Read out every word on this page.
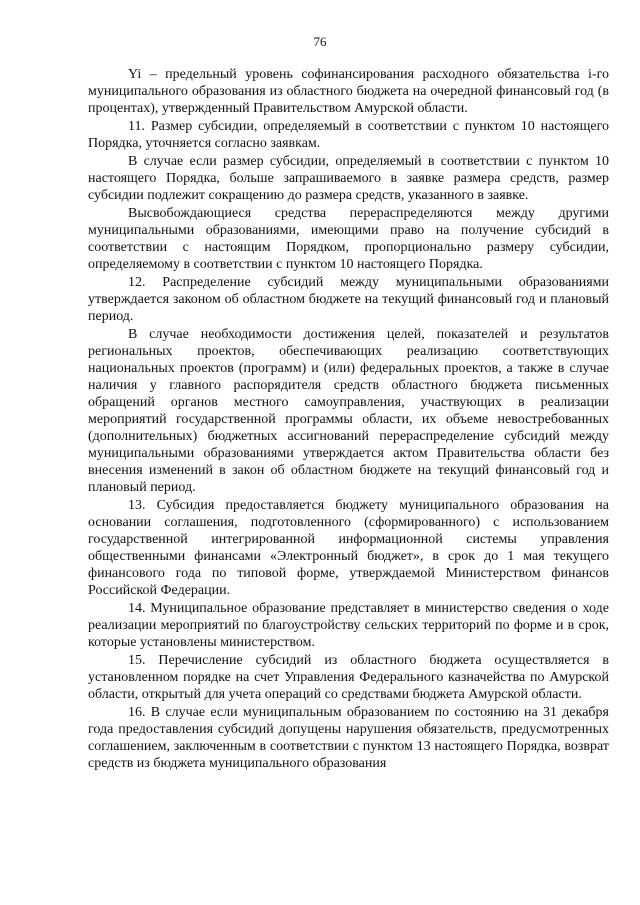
76

Yi – предельный уровень софинансирования расходного обязательства i-го муниципального образования из областного бюджета на очередной финансовый год (в процентах), утвержденный Правительством Амурской области.

11. Размер субсидии, определяемый в соответствии с пунктом 10 настоящего Порядка, уточняется согласно заявкам.

В случае если размер субсидии, определяемый в соответствии с пунктом 10 настоящего Порядка, больше запрашиваемого в заявке размера средств, размер субсидии подлежит сокращению до размера средств, указанного в заявке.

Высвобождающиеся средства перераспределяются между другими муниципальными образованиями, имеющими право на получение субсидий в соответствии с настоящим Порядком, пропорционально размеру субсидии, определяемому в соответствии с пунктом 10 настоящего Порядка.

12. Распределение субсидий между муниципальными образованиями утверждается законом об областном бюджете на текущий финансовый год и плановый период.

В случае необходимости достижения целей, показателей и результатов региональных проектов, обеспечивающих реализацию соответствующих национальных проектов (программ) и (или) федеральных проектов, а также в случае наличия у главного распорядителя средств областного бюджета письменных обращений органов местного самоуправления, участвующих в реализации мероприятий государственной программы области, их объеме невостребованных (дополнительных) бюджетных ассигнований перераспределение субсидий между муниципальными образованиями утверждается актом Правительства области без внесения изменений в закон об областном бюджете на текущий финансовый год и плановый период.

13. Субсидия предоставляется бюджету муниципального образования на основании соглашения, подготовленного (сформированного) с использованием государственной интегрированной информационной системы управления общественными финансами «Электронный бюджет», в срок до 1 мая текущего финансового года по типовой форме, утверждаемой Министерством финансов Российской Федерации.

14. Муниципальное образование представляет в министерство сведения о ходе реализации мероприятий по благоустройству сельских территорий по форме и в срок, которые установлены министерством.

15. Перечисление субсидий из областного бюджета осуществляется в установленном порядке на счет Управления Федерального казначейства по Амурской области, открытый для учета операций со средствами бюджета Амурской области.

16. В случае если муниципальным образованием по состоянию на 31 декабря года предоставления субсидий допущены нарушения обязательств, предусмотренных соглашением, заключенным в соответствии с пунктом 13 настоящего Порядка, возврат средств из бюджета муниципального образования
